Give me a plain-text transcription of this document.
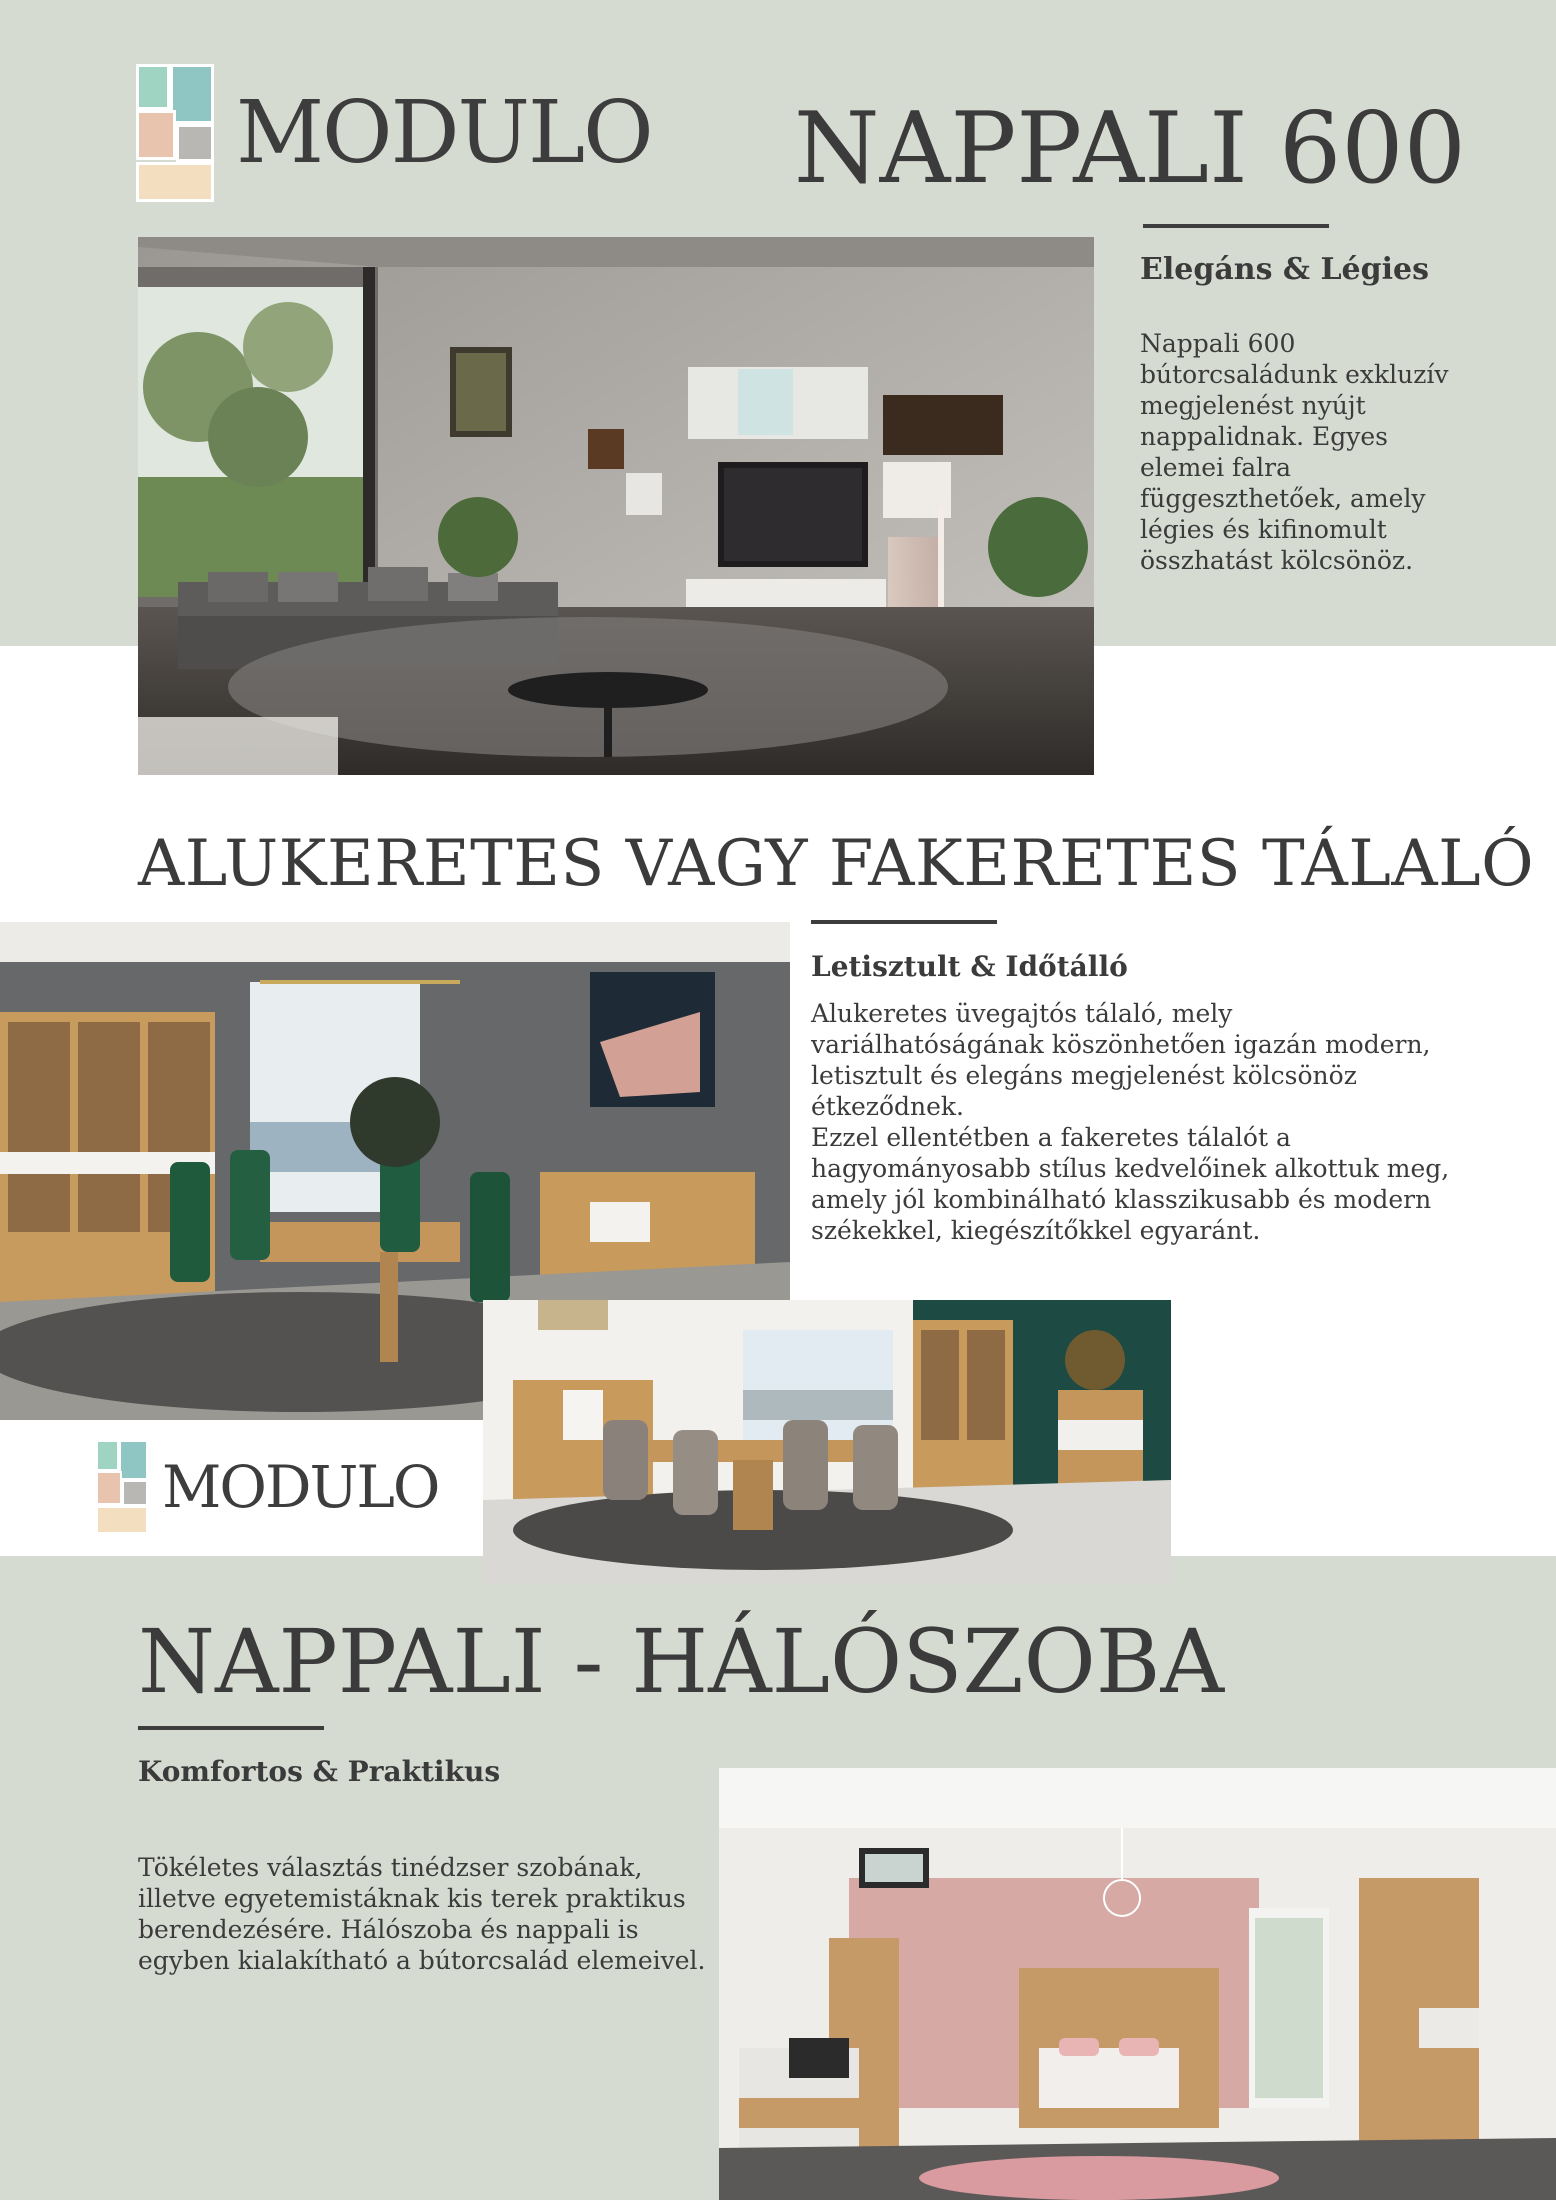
MODULO NAPPALI 600
Elegáns & Légies
Nappali 600 bútorcsaládunk exkluzív megjelenést nyújt nappalidnak. Egyes elemei falra függeszthetőek, amely légies és kifinomult összhatást kölcsönöz.
ALUKERETES VAGY FAKERETES TÁLALÓ
Letisztult & Időtálló
Alukeretes üvegajtós tálaló, mely variálhatóságának köszönhetően igazán modern, letisztult és elegáns megjelenést kölcsönöz étkeződnek.
Ezzel ellentétben a fakeretes tálalót a hagyományosabb stílus kedvelőinek alkottuk meg, amely jól kombinálható klasszikusabb és modern székekkel, kiegészítőkkel egyaránt.
MODULO
NAPPALI - HÁLÓSZOBA
Komfortos & Praktikus
Tökéletes választás tinédzser szobának, illetve egyetemistáknak kis terek praktikus berendezésére. Hálószoba és nappali is egyben kialakítható a bútorcsalád elemeivel.
